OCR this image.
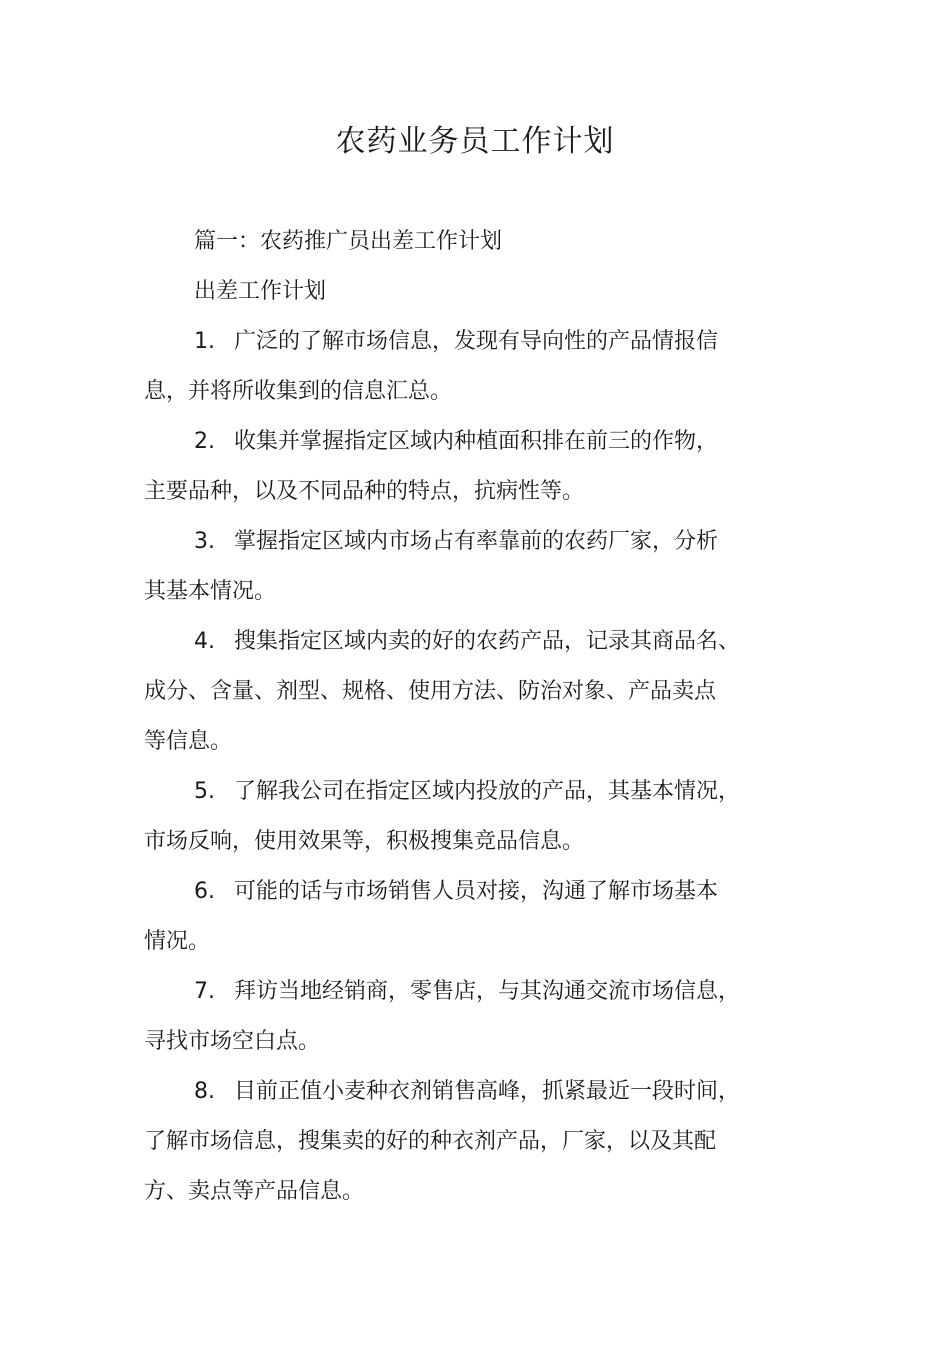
农药业务员工作计划

篇一：农药推广员出差工作计划

出差工作计划

1. 广泛的了解市场信息，发现有导向性的产品情报信

息，并将所收集到的信息汇总。

2. 收集并掌握指定区域内种植面积排在前三的作物，

主要品种，以及不同品种的特点，抗病性等。

3. 掌握指定区域内市场占有率靠前的农药厂家，分析

其基本情况。

4. 搜集指定区域内卖的好的农药产品，记录其商品名、

成分、含量、剂型、规格、使用方法、防治对象、产品卖点

等信息。

5. 了解我公司在指定区域内投放的产品，其基本情况，

市场反响，使用效果等，积极搜集竞品信息。

6. 可能的话与市场销售人员对接，沟通了解市场基本

情况。

7. 拜访当地经销商，零售店，与其沟通交流市场信息，

寻找市场空白点。

8. 目前正值小麦种衣剂销售高峰，抓紧最近一段时间，

了解市场信息，搜集卖的好的种衣剂产品，厂家，以及其配

方、卖点等产品信息。
